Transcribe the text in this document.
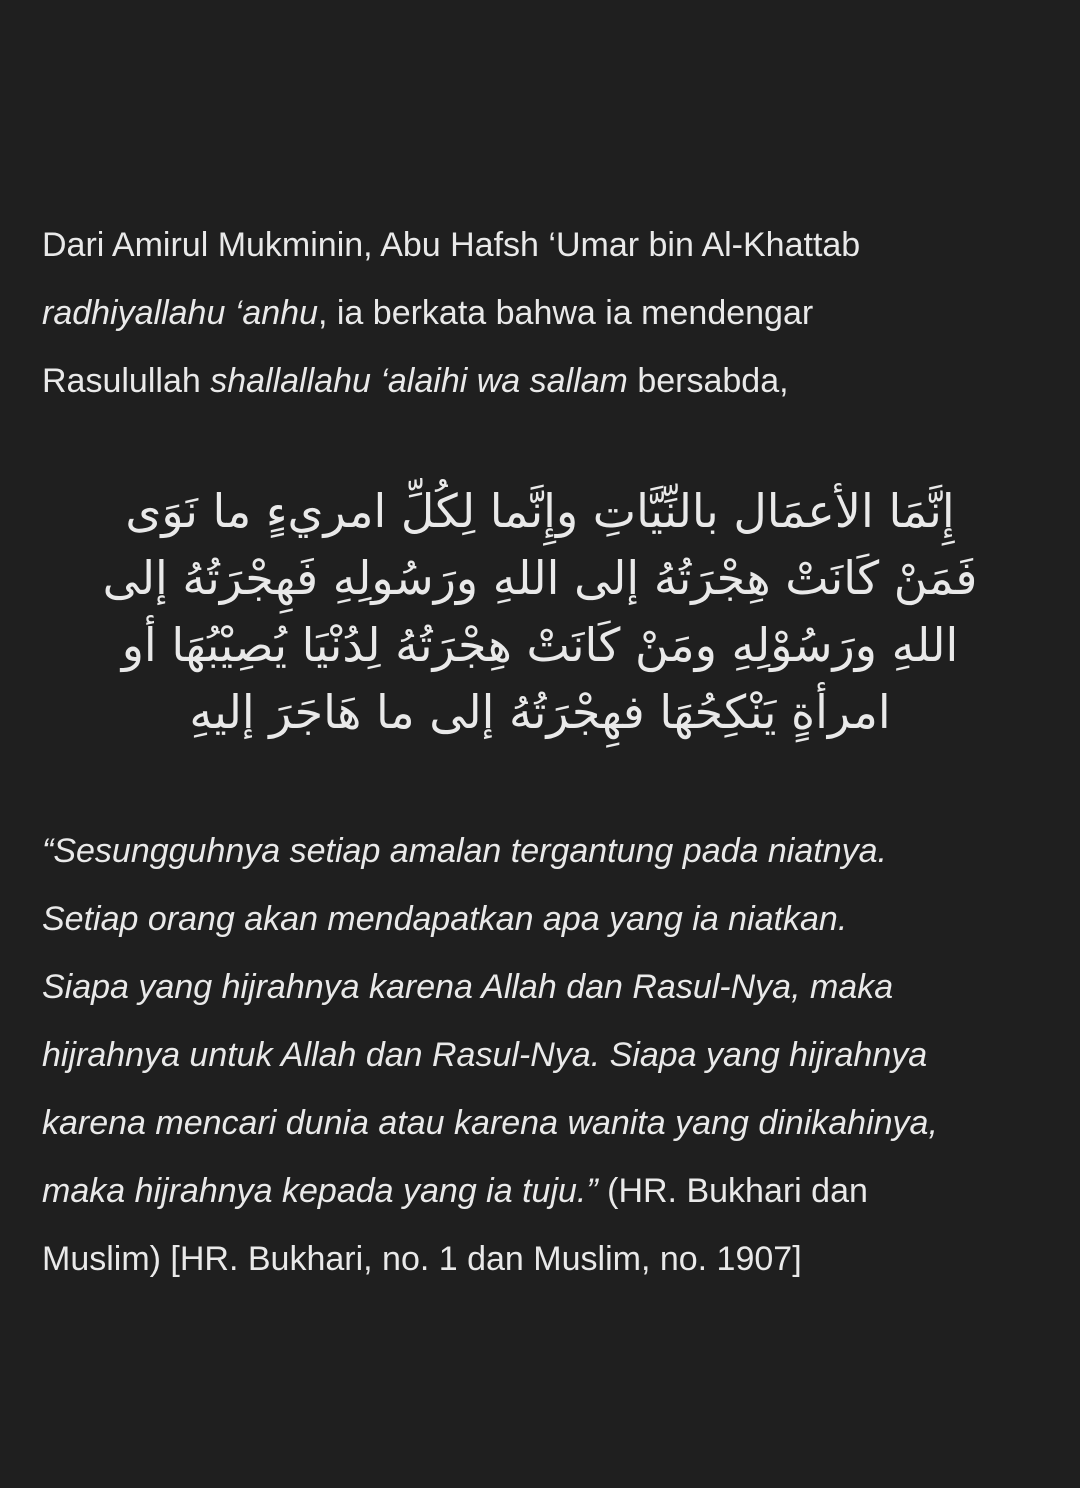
Dari Amirul Mukminin, Abu Hafsh ‘Umar bin Al-Khattab
radhiyallahu ‘anhu, ia berkata bahwa ia mendengar
Rasulullah shallallahu ‘alaihi wa sallam bersabda,

إِنَّمَا الأعمَال بالنِّيَّاتِ وإِنَّما لِكُلِّ امريءٍ ما نَوَى
فَمَنْ كَانَتْ هِجْرَتُهُ إلى اللهِ ورَسُولِهِ فَهِجْرَتُهُ إلى
اللهِ ورَسُوْلِهِ ومَنْ كَانَتْ هِجْرَتُهُ لِدُنْيَا يُصِيْبُهَا أو
امرأةٍ يَنْكِحُهَا فهِجْرَتُهُ إلى ما هَاجَرَ إليهِ

“Sesungguhnya setiap amalan tergantung pada niatnya.
Setiap orang akan mendapatkan apa yang ia niatkan.
Siapa yang hijrahnya karena Allah dan Rasul-Nya, maka
hijrahnya untuk Allah dan Rasul-Nya. Siapa yang hijrahnya
karena mencari dunia atau karena wanita yang dinikahinya,
maka hijrahnya kepada yang ia tuju.” (HR. Bukhari dan
Muslim) [HR. Bukhari, no. 1 dan Muslim, no. 1907]
